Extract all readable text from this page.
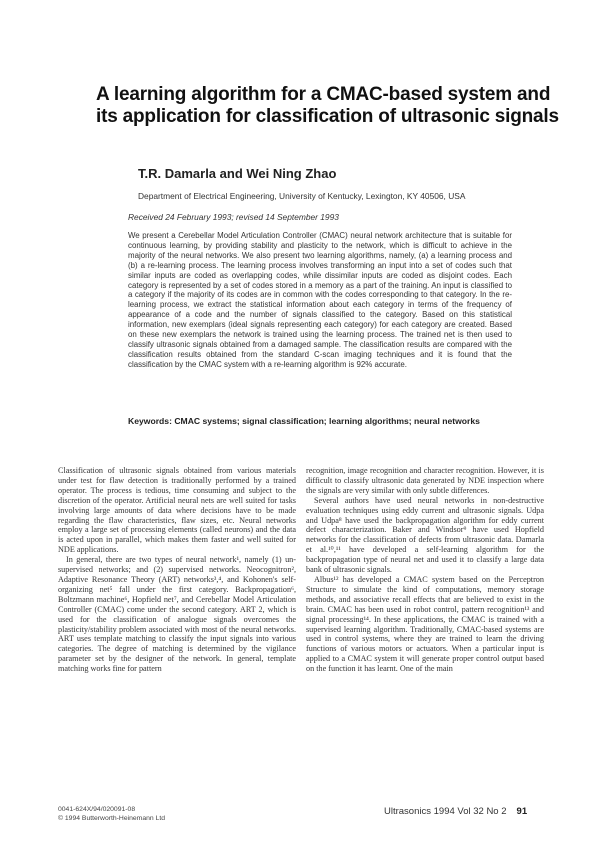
A learning algorithm for a CMAC-based system and its application for classification of ultrasonic signals

T.R. Damarla and Wei Ning Zhao

Department of Electrical Engineering, University of Kentucky, Lexington, KY 40506, USA

Received 24 February 1993; revised 14 September 1993

We present a Cerebellar Model Articulation Controller (CMAC) neural network architecture that is suitable for continuous learning, by providing stability and plasticity to the network, which is difficult to achieve in the majority of the neural networks. We also present two learning algorithms, namely, (a) a learning process and (b) a re-learning process. The learning process involves transforming an input into a set of codes such that similar inputs are coded as overlapping codes, while dissimilar inputs are coded as disjoint codes. Each category is represented by a set of codes stored in a memory as a part of the training. An input is classified to a category if the majority of its codes are in common with the codes corresponding to that category. In the re-learning process, we extract the statistical information about each category in terms of the frequency of appearance of a code and the number of signals classified to the category. Based on this statistical information, new exemplars (ideal signals representing each category) for each category are created. Based on these new exemplars the network is trained using the learning process. The trained net is then used to classify ultrasonic signals obtained from a damaged sample. The classification results are compared with the classification results obtained from the standard C-scan imaging techniques and it is found that the classification by the CMAC system with a re-learning algorithm is 92% accurate.

Keywords: CMAC systems; signal classification; learning algorithms; neural networks

Classification of ultrasonic signals obtained from various materials under test for flaw detection is traditionally performed by a trained operator. The process is tedious, time consuming and subject to the discretion of the operator. Artificial neural nets are well suited for tasks involving large amounts of data where decisions have to be made regarding the flaw characteristics, flaw sizes, etc. Neural networks employ a large set of processing elements (called neurons) and the data is acted upon in parallel, which makes them faster and well suited for NDE applications.

In general, there are two types of neural network¹, namely (1) un-supervised networks; and (2) supervised networks. Neocognitron², Adaptive Resonance Theory (ART) networks³,⁴, and Kohonen's self-organizing net⁵ fall under the first category. Backpropagation⁶, Boltzmann machine⁶, Hopfield net⁷, and Cerebellar Model Articulation Controller (CMAC) come under the second category. ART 2, which is used for the classification of analogue signals overcomes the plasticity/stability problem associated with most of the neural networks. ART uses template matching to classify the input signals into various categories. The degree of matching is determined by the vigilance parameter set by the designer of the network. In general, template matching works fine for pattern

recognition, image recognition and character recognition. However, it is difficult to classify ultrasonic data generated by NDE inspection where the signals are very similar with only subtle differences.

Several authors have used neural networks in non-destructive evaluation techniques using eddy current and ultrasonic signals. Udpa and Udpa⁸ have used the backpropagation algorithm for eddy current defect characterization. Baker and Windsor⁹ have used Hopfield networks for the classification of defects from ultrasonic data. Damarla et al.¹⁰,¹¹ have developed a self-learning algorithm for the backpropagation type of neural net and used it to classify a large data bank of ultrasonic signals.

Albus¹² has developed a CMAC system based on the Perceptron Structure to simulate the kind of computations, memory storage methods, and associative recall effects that are believed to exist in the brain. CMAC has been used in robot control, pattern recognition¹³ and signal processing¹⁴. In these applications, the CMAC is trained with a supervised learning algorithm. Traditionally, CMAC-based systems are used in control systems, where they are trained to learn the driving functions of various motors or actuators. When a particular input is applied to a CMAC system it will generate proper control output based on the function it has learnt. One of the main

0041-624X/94/020091-08
© 1994 Butterworth-Heinemann Ltd
Ultrasonics 1994 Vol 32 No 2 91
